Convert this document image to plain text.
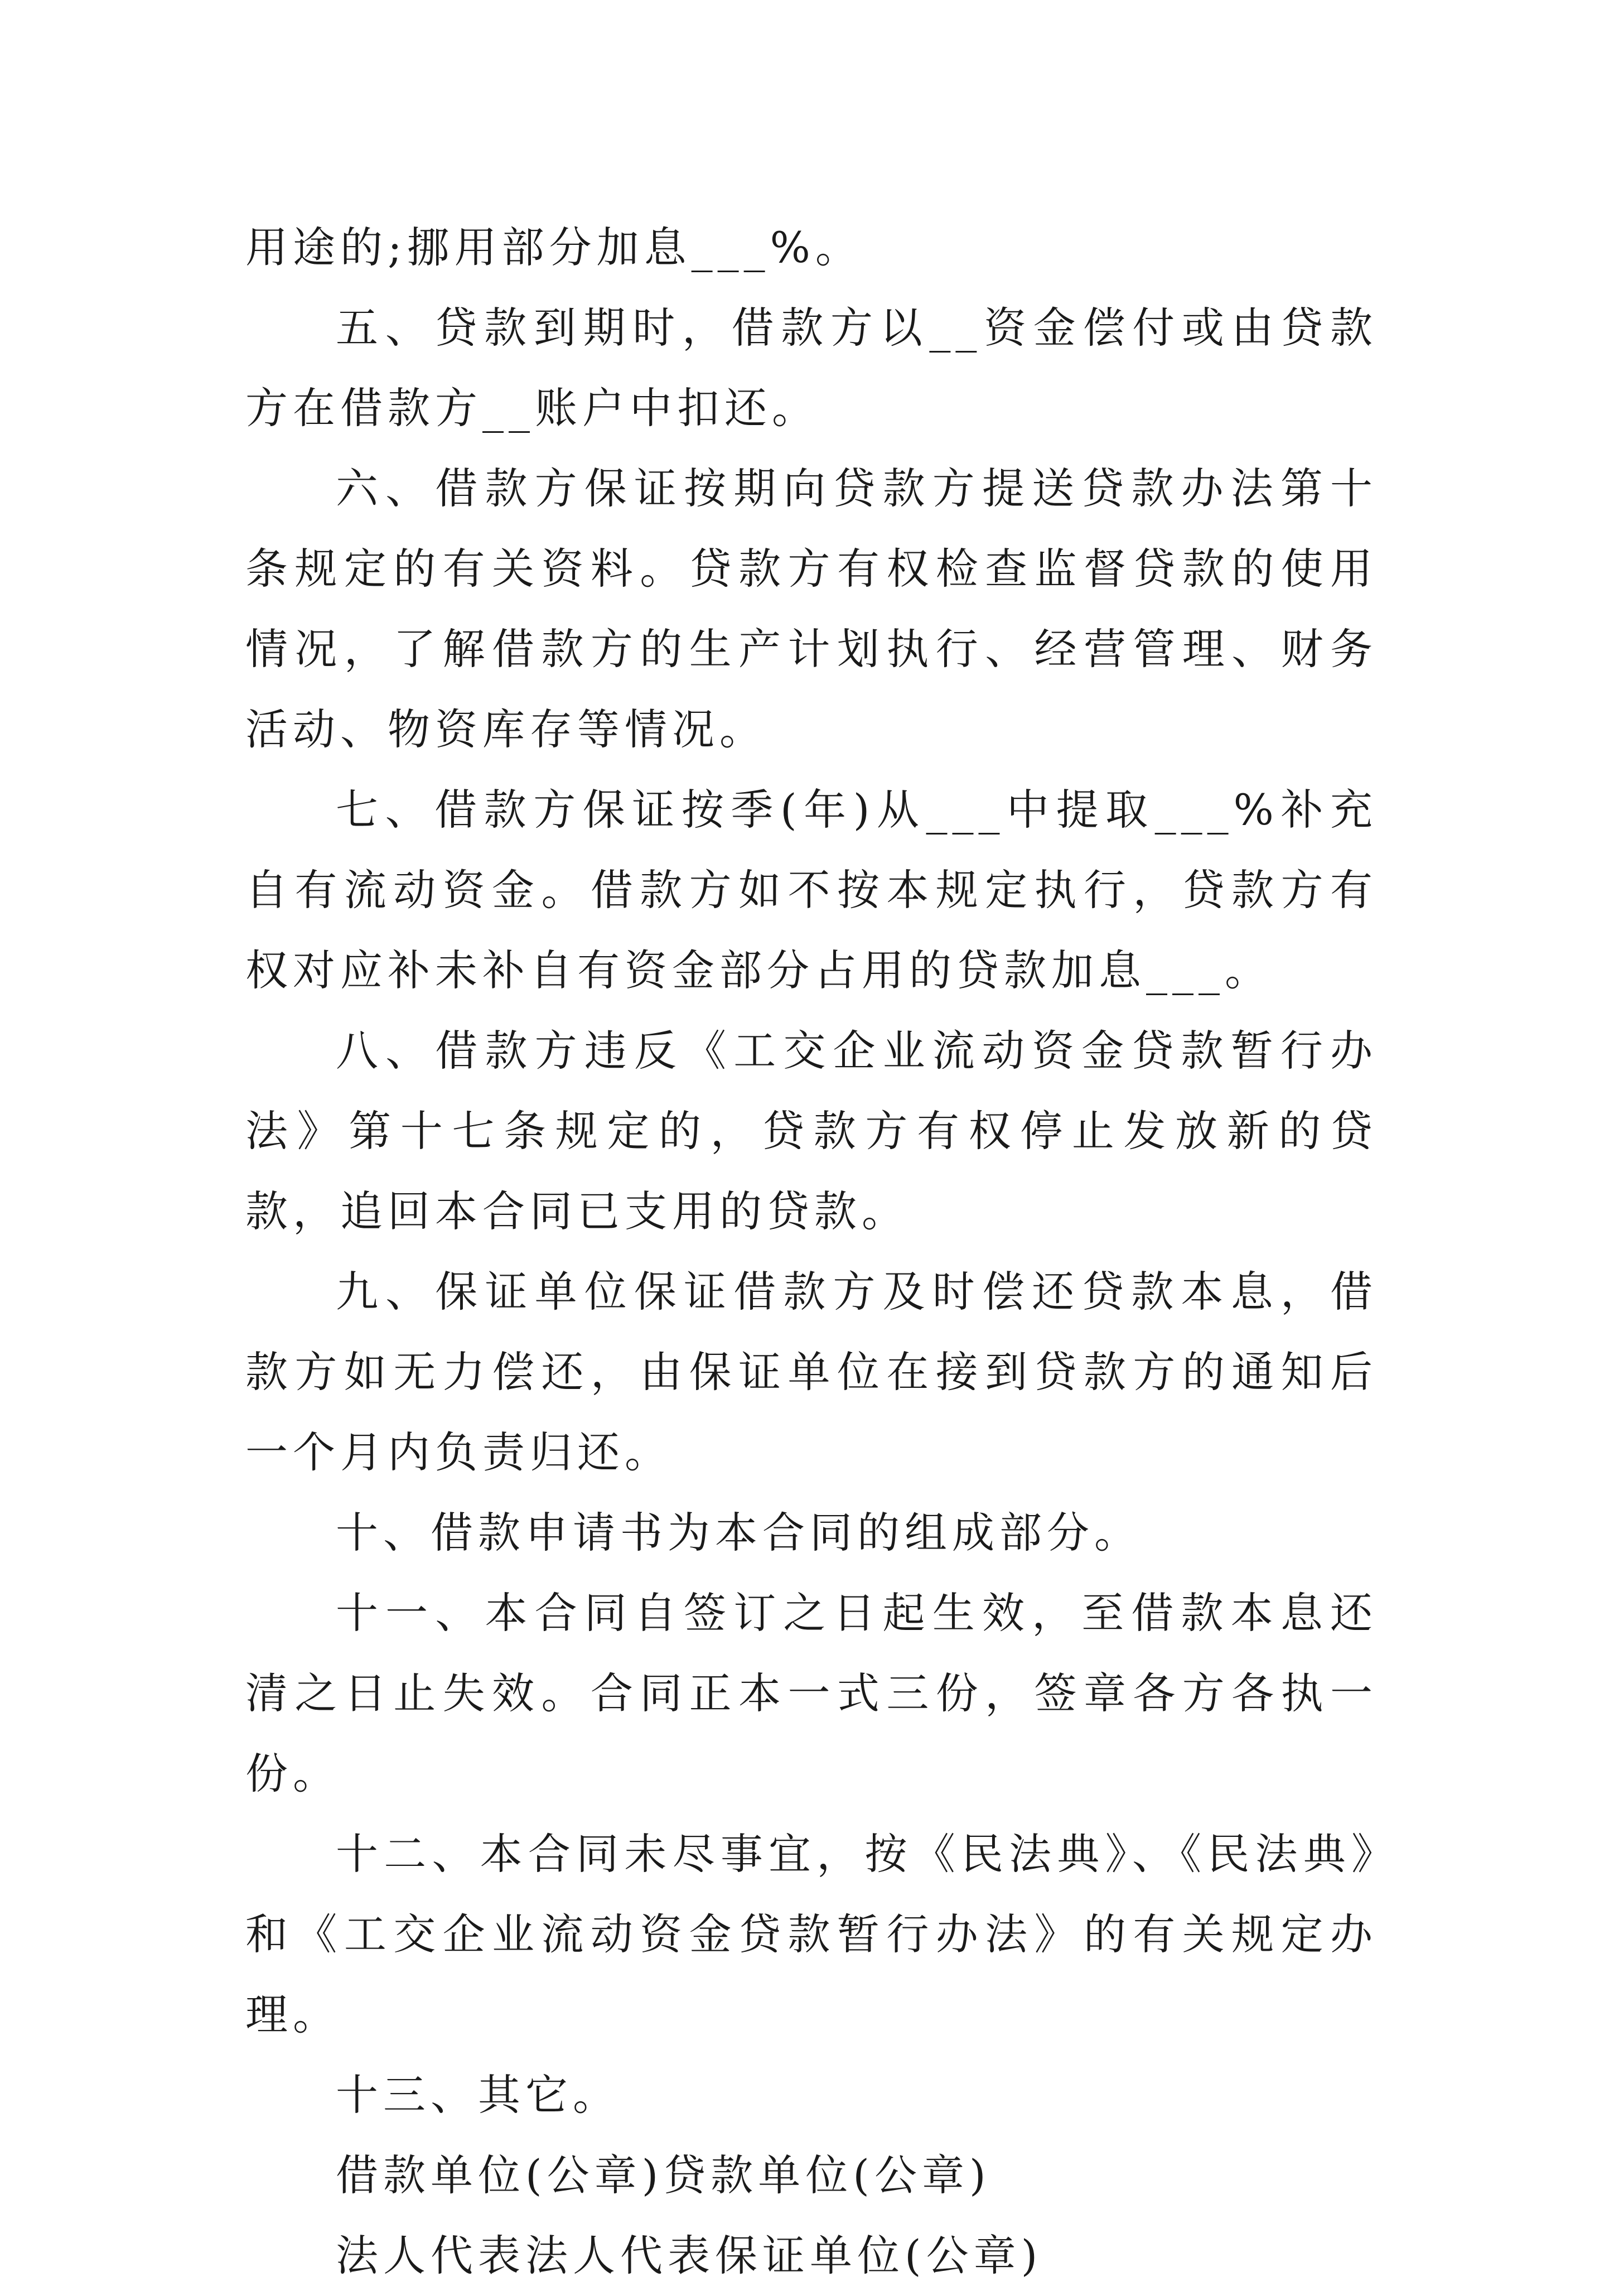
用途的;挪用部分加息___%。

五、贷款到期时，借款方以__资金偿付或由贷款方在借款方__账户中扣还。

六、借款方保证按期向贷款方提送贷款办法第十条规定的有关资料。贷款方有权检查监督贷款的使用情况，了解借款方的生产计划执行、经营管理、财务活动、物资库存等情况。

七、借款方保证按季(年)从___中提取___%补充自有流动资金。借款方如不按本规定执行，贷款方有权对应补未补自有资金部分占用的贷款加息___。

八、借款方违反《工交企业流动资金贷款暂行办法》第十七条规定的，贷款方有权停止发放新的贷款，追回本合同已支用的贷款。

九、保证单位保证借款方及时偿还贷款本息，借款方如无力偿还，由保证单位在接到贷款方的通知后一个月内负责归还。

十、借款申请书为本合同的组成部分。

十一、本合同自签订之日起生效，至借款本息还清之日止失效。合同正本一式三份，签章各方各执一份。

十二、本合同未尽事宜，按《民法典》、《民法典》和《工交企业流动资金贷款暂行办法》的有关规定办理。

十三、其它。

借款单位(公章)贷款单位(公章)

法人代表法人代表保证单位(公章)
